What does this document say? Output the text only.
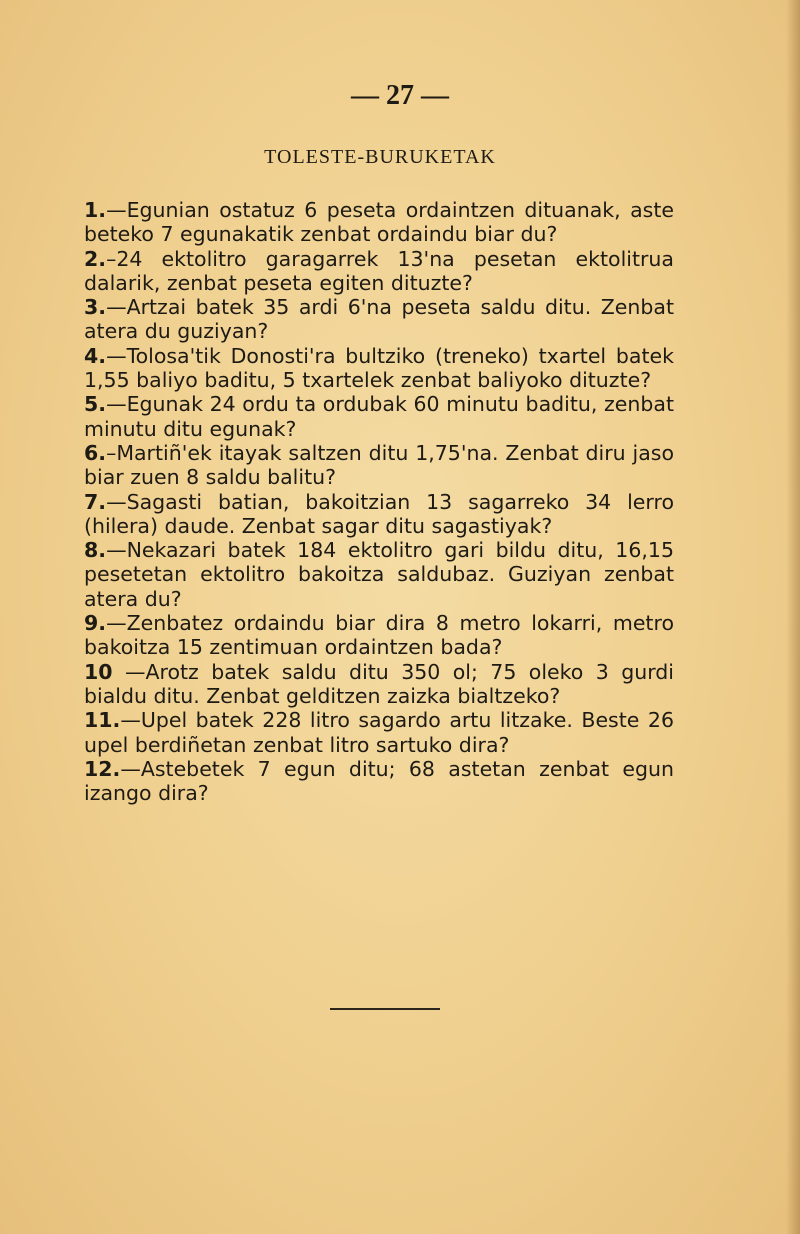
— 27 —
TOLESTE-BURUKETAK

1.—Egunian ostatuz 6 peseta ordaintzen dituanak, aste beteko 7 egunakatik zenbat ordaindu biar du?

2.–24 ektolitro garagarrek 13'na pesetan ektolitrua dalarik, zenbat peseta egiten dituzte?

3.—Artzai batek 35 ardi 6'na peseta saldu ditu. Zenbat atera du guziyan?

4.—Tolosa'tik Donosti'ra bultziko (treneko) txartel batek 1,55 baliyo baditu, 5 txartelek zenbat baliyoko dituzte?

5.—Egunak 24 ordu ta ordubak 60 minutu baditu, zenbat minutu ditu egunak?

6.–Martiñ'ek itayak saltzen ditu 1,75'na. Zenbat diru jaso biar zuen 8 saldu balitu?

7.—Sagasti batian, bakoitzian 13 sagarreko 34 lerro (hilera) daude. Zenbat sagar ditu sagastiyak?

8.—Nekazari batek 184 ektolitro gari bildu ditu, 16,15 pesetetan ektolitro bakoitza saldubaz. Guziyan zenbat atera du?

9.—Zenbatez ordaindu biar dira 8 metro lokarri, metro bakoitza 15 zentimuan ordaintzen bada?

10 —Arotz batek saldu ditu 350 ol; 75 oleko 3 gurdi bialdu ditu. Zenbat gelditzen zaizka bialtzeko?

11.—Upel batek 228 litro sagardo artu litzake. Beste 26 upel berdiñetan zenbat litro sartuko dira?

12.—Astebetek 7 egun ditu; 68 astetan zenbat egun izango dira?
